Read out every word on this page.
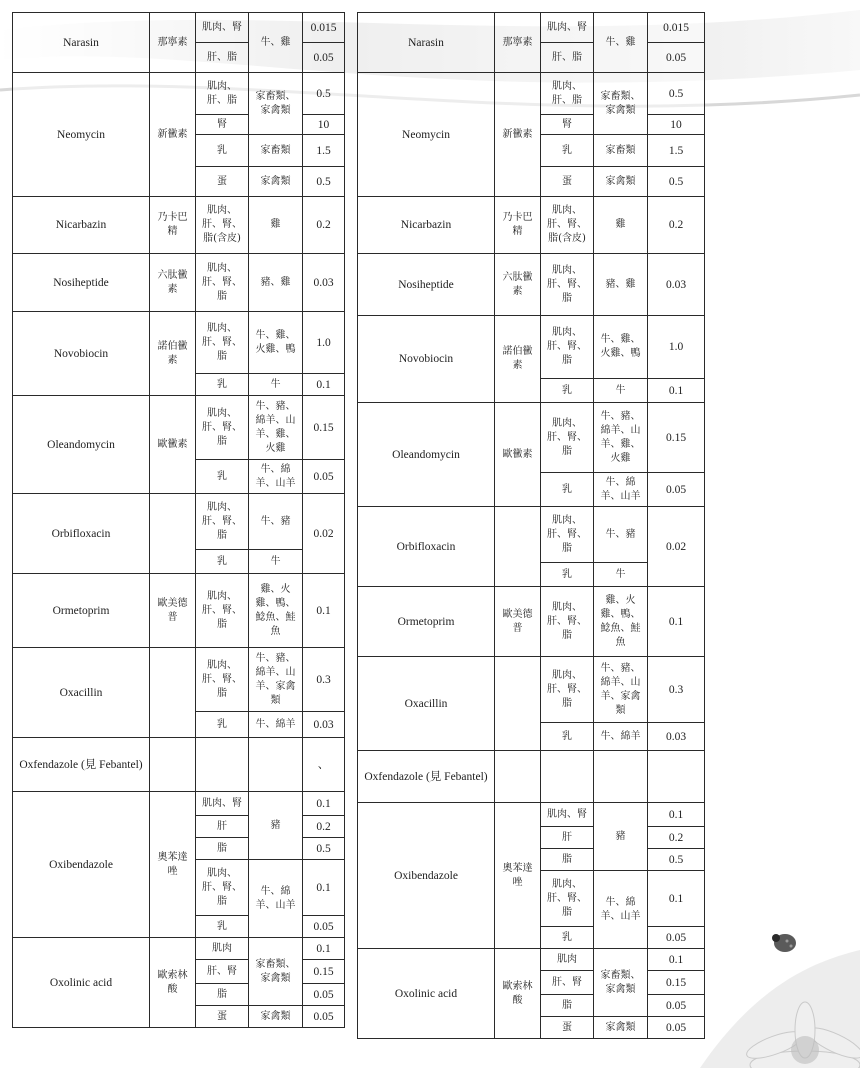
Narasin	那寧素	肌肉、腎	牛、雞	0.015	
		肝、脂		0.05	
Neomycin	新黴素	肌肉、肝、脂	家畜類、家禽類	0.5	
		腎		10	
		乳	家畜類	1.5	
		蛋	家禽類	0.5	
Nicarbazin	乃卡巴精	肌肉、肝、腎、脂(含皮)	雞	0.2	
Nosiheptide	六肽黴素	肌肉、肝、腎、脂	豬、雞	0.03	
Novobiocin	諾伯黴素	肌肉、肝、腎、脂	牛、雞、火雞、鴨	1.0	
		乳	牛	0.1	
Oleandomycin	歐黴素	肌肉、肝、腎、脂	牛、豬、綿羊、山羊、雞、火雞	0.15	
		乳	牛、綿羊、山羊	0.05	
Orbifloxacin		肌肉、肝、腎、脂	牛、豬	0.02	
		乳	牛		
Ormetoprim	歐美德普	肌肉、肝、腎、脂	雞、火雞、鴨、鯰魚、鮭魚	0.1	
Oxacillin		肌肉、肝、腎、脂	牛、豬、綿羊、山羊、家禽類	0.3	
		乳	牛、綿羊	0.03	
Oxfendazole (見 Febantel)				、	
Oxibendazole	奧苯達唑	肌肉、腎	豬	0.1	
		肝		0.2	
		脂		0.5	
		肌肉、肝、腎、脂	牛、綿羊、山羊	0.1	
		乳		0.05	
Oxolinic acid	歐索林酸	肌肉	家畜類、家禽類	0.1	
		肝、腎		0.15	
		脂		0.05	
		蛋	家禽類	0.05	
Narasin	那寧素	肌肉、腎	牛、雞	0.015
		肝、脂		0.05
Neomycin	新黴素	肌肉、肝、脂	家畜類、家禽類	0.5
		腎		10
		乳	家畜類	1.5
		蛋	家禽類	0.5
Nicarbazin	乃卡巴精	肌肉、肝、腎、脂(含皮)	雞	0.2
Nosiheptide	六肽黴素	肌肉、肝、腎、脂	豬、雞	0.03
Novobiocin	諾伯黴素	肌肉、肝、腎、脂	牛、雞、火雞、鴨	1.0
		乳	牛	0.1
Oleandomycin	歐黴素	肌肉、肝、腎、脂	牛、豬、綿羊、山羊、雞、火雞	0.15
		乳	牛、綿羊、山羊	0.05
Orbifloxacin		肌肉、肝、腎、脂	牛、豬	0.02
		乳	牛	
Ormetoprim	歐美德普	肌肉、肝、腎、脂	雞、火雞、鴨、鯰魚、鮭魚	0.1
Oxacillin		肌肉、肝、腎、脂	牛、豬、綿羊、山羊、家禽類	0.3
		乳	牛、綿羊	0.03
Oxfendazole (見 Febantel)				
Oxibendazole	奧苯達唑	肌肉、腎	豬	0.1
		肝		0.2
		脂		0.5
		肌肉、肝、腎、脂	牛、綿羊、山羊	0.1
		乳		0.05
Oxolinic acid	歐索林酸	肌肉	家畜類、家禽類	0.1
		肝、腎		0.15
		脂		0.05
		蛋	家禽類	0.05
